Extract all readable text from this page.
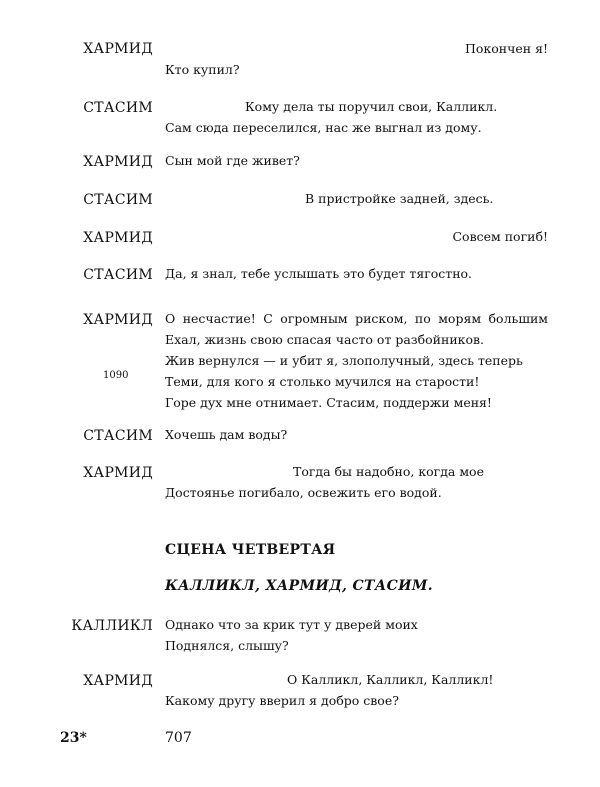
ХАРМИД	Покончен я!
Кто купил?
СТАСИМ	Кому дела ты поручил свои, Калликл.
Сам сюда переселился, нас же выгнал из дому.
ХАРМИД Сын мой где живет?
СТАСИМ	В пристройке задней, здесь.
ХАРМИД	Совсем погиб!
СТАСИМ Да, я знал, тебе услышать это будет тягостно.
ХАРМИД О несчастие! С огромным риском, по морям большим
Ехал, жизнь свою спасая часто от разбойников.
Жив вернулся — и убит я, злополучный, здесь теперь
Теми, для кого я столько мучился на старости!
Горе дух мне отнимает. Стасим, поддержи меня!
1090
СТАСИМ Хочешь дам воды?
ХАРМИД	Тогда бы надобно, когда мое
Достоянье погибало, освежить его водой.
СЦЕНА ЧЕТВЕРТАЯ
КАЛЛИКЛ, ХАРМИД, СТАСИМ.
КАЛЛИКЛ Однако что за крик тут у дверей моих
Поднялся, слышу?
ХАРМИД	О Калликл, Калликл, Калликл!
Какому другу вверил я добро свое?
23*	707
